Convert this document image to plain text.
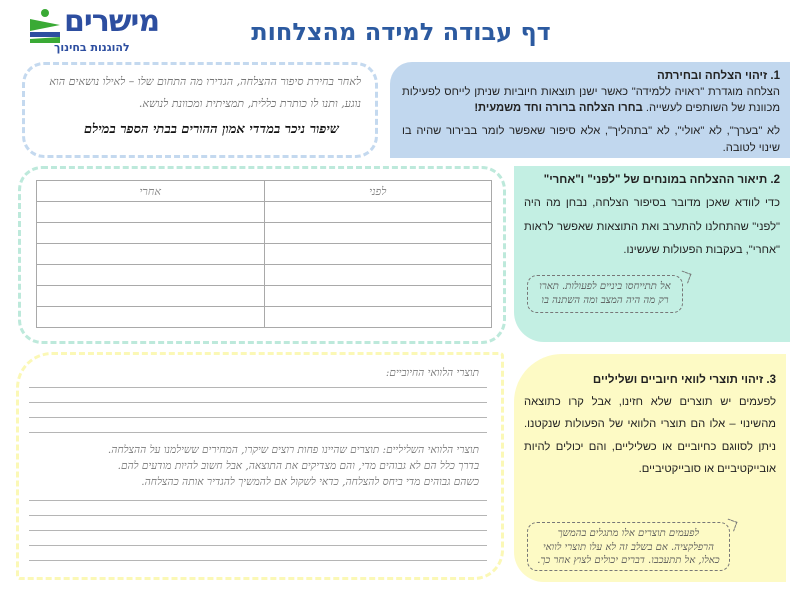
מישרים
להוגנות בחינוך
דף עבודה למידה מהצלחות
1. זיהוי הצלחה ובחירתה

הצלחה מוגדרת "ראויה ללמידה" כאשר ישנן תוצאות חיוביות שניתן לייחס לפעילות מכוונת של השותפים לעשייה. בחרו הצלחה ברורה וחד משמעית!

לא "בערך", לא "אולי", לא "בתהליך", אלא סיפור שאפשר לומר בבירור שהיה בו שינוי לטובה.

לאחר בחירת סיפור ההצלחה, הגדירו מה התחום שלו – לאילו נושאים הוא
נוגע, ותנו לו כותרת כללית, תמציתית ומכוונת לנושא.
שיפור ניכר במדדי אמון ההורים בבתי הספר במילם
2. תיאור ההצלחה במונחים של "לפני" ו"אחרי"

כדי לוודא שאכן מדובר בסיפור הצלחה, נבחן מה היה "לפני" שהתחלנו להתערב ואת התוצאות שאפשר לראות "אחרי", בעקבות הפעולות שעשינו.

אל תתייחסו ביניים לפעולות. תארו
רק מה היה המצב ומה השתנה בו
לפני	אחרי

3. זיהוי תוצרי לוואי חיוביים ושליליים

לפעמים יש תוצרים שלא חזינו, אבל קרו כתוצאה מהשינוי – אלו הם תוצרי הלוואי של הפעולות שנקטנו. ניתן לסווגם כחיוביים או כשליליים, והם יכולים להיות אובייקטיביים או סובייקטיביים.

לפעמים תוצרים אלו מתגלים בהמשך
הרפלקציה. אם בשלב זה לא עלו תוצרי לוואי
כאלו, אל תתעכבו. דברים יכולים לצוץ אחר כך.
תוצרי הלוואי החיוביים:
תוצרי הלוואי השליליים: תוצרים שהיינו פחות רוצים שיקרו, המחירים ששילמנו על ההצלחה.
בדרך כלל הם לא גבוהים מדי, והם מצדיקים את התוצאה, אבל חשוב להיות מודעים להם.
כשהם גבוהים מדי ביחס להצלחה, כדאי לשקול אם להמשיך להגדיר אותה כהצלחה.
